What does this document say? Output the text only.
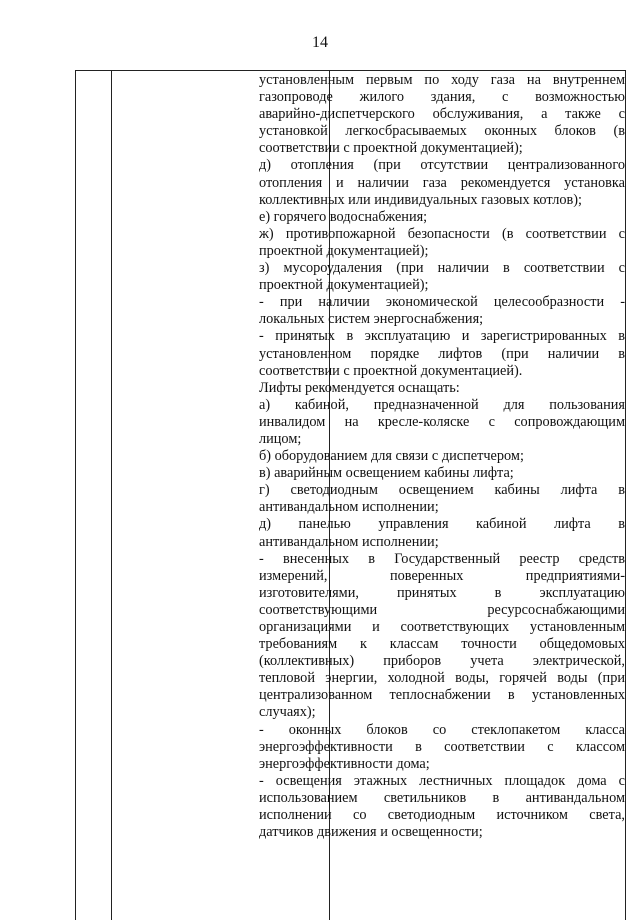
14
установленным первым по ходу газа на внутреннем
газопроводе жилого здания, с возможностью
аварийно-диспетчерского обслуживания, а также с
установкой легкосбрасываемых оконных блоков (в
соответствии с проектной документацией);
д) отопления (при отсутствии централизованного
отопления и наличии газа рекомендуется установка
коллективных или индивидуальных газовых котлов);
е) горячего водоснабжения;
ж) противопожарной безопасности (в соответствии с
проектной документацией);
з) мусороудаления (при наличии в соответствии с
проектной документацией);
- при наличии экономической целесообразности -
локальных систем энергоснабжения;
- принятых в эксплуатацию и зарегистрированных в
установленном порядке лифтов (при наличии в
соответствии с проектной документацией).
Лифты рекомендуется оснащать:
а) кабиной, предназначенной для пользования
инвалидом на кресле-коляске с сопровождающим
лицом;
б) оборудованием для связи с диспетчером;
в) аварийным освещением кабины лифта;
г) светодиодным освещением кабины лифта в
антивандальном исполнении;
д) панелью управления кабиной лифта в
антивандальном исполнении;
- внесенных в Государственный реестр средств
измерений, поверенных предприятиями-
изготовителями, принятых в эксплуатацию
соответствующими ресурсоснабжающими
организациями и соответствующих установленным
требованиям к классам точности общедомовых
(коллективных) приборов учета электрической,
тепловой энергии, холодной воды, горячей воды (при
централизованном теплоснабжении в установленных
случаях);
- оконных блоков со стеклопакетом класса
энергоэффективности в соответствии с классом
энергоэффективности дома;
- освещения этажных лестничных площадок дома с
использованием светильников в антивандальном
исполнении со светодиодным источником света,
датчиков движения и освещенности;
